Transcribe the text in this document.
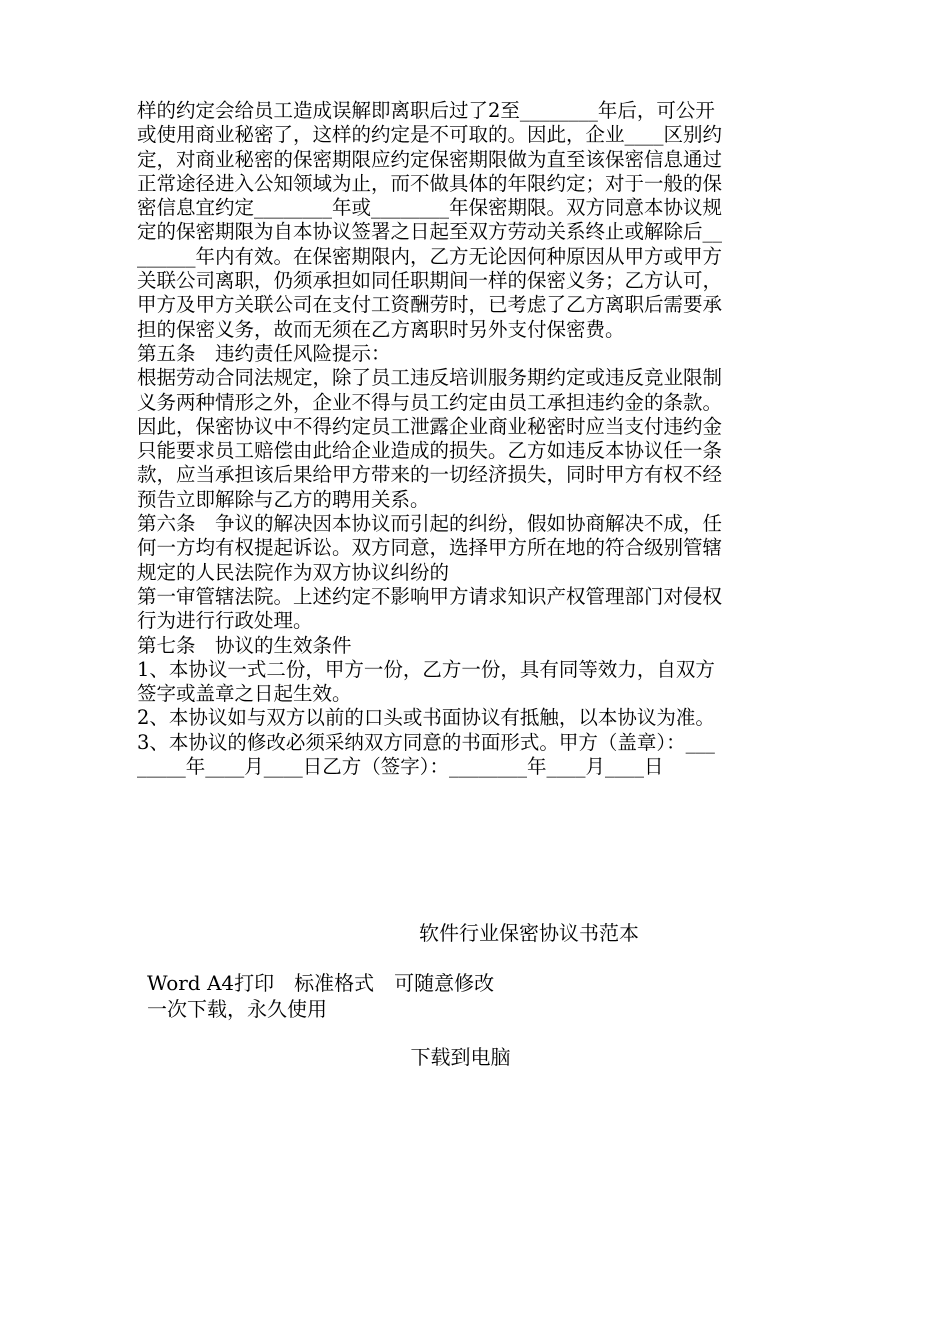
样的约定会给员工造成误解即离职后过了2至________年后，可公开
或使用商业秘密了，这样的约定是不可取的。因此，企业____区别约
定，对商业秘密的保密期限应约定保密期限做为直至该保密信息通过
正常途径进入公知领域为止，而不做具体的年限约定；对于一般的保
密信息宜约定________年或________年保密期限。双方同意本协议规
定的保密期限为自本协议签署之日起至双方劳动关系终止或解除后__
______年内有效。在保密期限内，乙方无论因何种原因从甲方或甲方
关联公司离职，仍须承担如同任职期间一样的保密义务；乙方认可，
甲方及甲方关联公司在支付工资酬劳时，已考虑了乙方离职后需要承
担的保密义务，故而无须在乙方离职时另外支付保密费。
第五条　违约责任风险提示：
根据劳动合同法规定，除了员工违反培训服务期约定或违反竞业限制
义务两种情形之外，企业不得与员工约定由员工承担违约金的条款。
因此，保密协议中不得约定员工泄露企业商业秘密时应当支付违约金
只能要求员工赔偿由此给企业造成的损失。乙方如违反本协议任一条
款，应当承担该后果给甲方带来的一切经济损失，同时甲方有权不经
预告立即解除与乙方的聘用关系。
第六条　争议的解决因本协议而引起的纠纷，假如协商解决不成，任
何一方均有权提起诉讼。双方同意，选择甲方所在地的符合级别管辖
规定的人民法院作为双方协议纠纷的
第一审管辖法院。上述约定不影响甲方请求知识产权管理部门对侵权
行为进行行政处理。
第七条　协议的生效条件
1、本协议一式二份，甲方一份，乙方一份，具有同等效力，自双方
签字或盖章之日起生效。
2、本协议如与双方以前的口头或书面协议有抵触，以本协议为准。
3、本协议的修改必须采纳双方同意的书面形式。甲方（盖章）：___
_____年____月____日乙方（签字）：________年____月____日
软件行业保密协议书范本
Word A4打印　标准格式　可随意修改
一次下载，永久使用
下载到电脑
